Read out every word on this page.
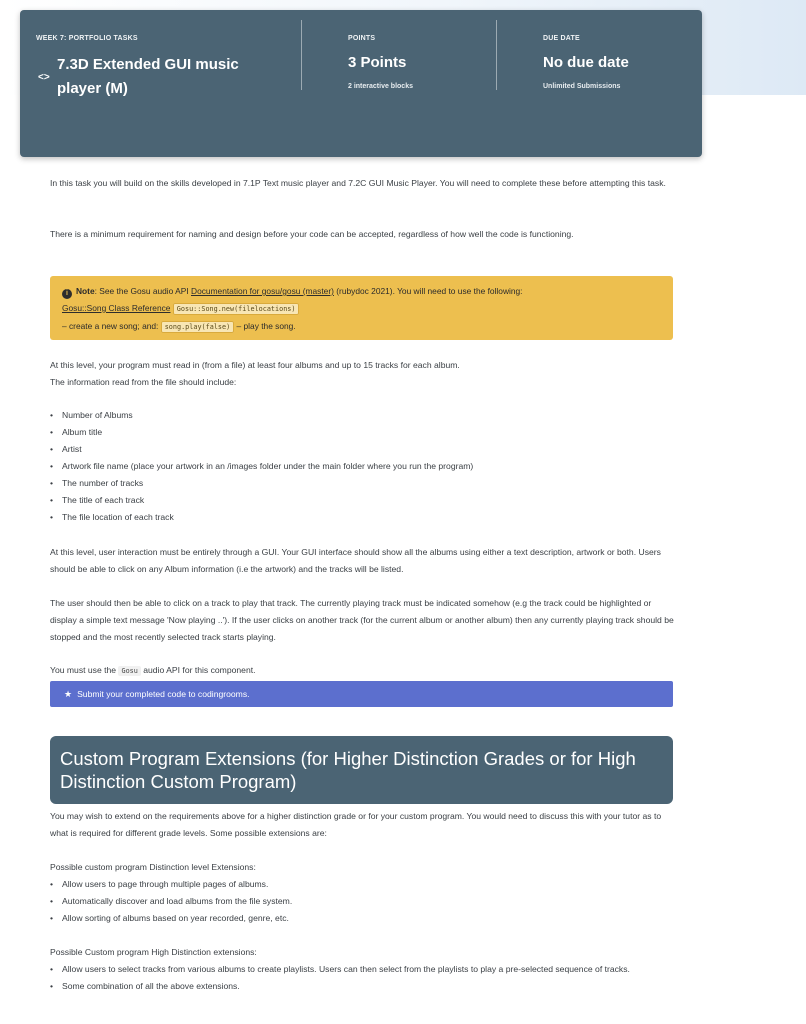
WEEK 7: PORTFOLIO TASKS
<>
7.3D Extended GUI music player (M)
POINTS
3 Points
2 interactive blocks
DUE DATE
No due date
Unlimited Submissions

In this task you will build on the skills developed in 7.1P Text music player and 7.2C GUI Music Player. You will need to complete these before attempting this task.

There is a minimum requirement for naming and design before your code can be accepted, regardless of how well the code is functioning.

i Note: See the Gosu audio API Documentation for gosu/gosu (master) (rubydoc 2021). You will need to use the following:
Gosu::Song Class Reference Gosu::Song.new(filelocations)
– create a new song; and: song.play(false) – play the song.

At this level, your program must read in (from a file) at least four albums and up to 15 tracks for each album.

The information read from the file should include:

• Number of Albums
• Album title
• Artist
• Artwork file name (place your artwork in an /images folder under the main folder where you run the program)
• The number of tracks
• The title of each track
• The file location of each track

At this level, user interaction must be entirely through a GUI. Your GUI interface should show all the albums using either a text description, artwork or both. Users should be able to click on any Album information (i.e the artwork) and the tracks will be listed.

The user should then be able to click on a track to play that track. The currently playing track must be indicated somehow (e.g the track could be highlighted or display a simple text message 'Now playing ..'). If the user clicks on another track (for the current album or another album) then any currently playing track should be stopped and the most recently selected track starts playing.

You must use the Gosu audio API for this component.

★ Submit your completed code to codingrooms.
Custom Program Extensions (for Higher Distinction Grades or for High Distinction Custom Program)

You may wish to extend on the requirements above for a higher distinction grade or for your custom program. You would need to discuss this with your tutor as to what is required for different grade levels. Some possible extensions are:

Possible custom program Distinction level Extensions:

• Allow users to page through multiple pages of albums.
• Automatically discover and load albums from the file system.
• Allow sorting of albums based on year recorded, genre, etc.

Possible Custom program High Distinction extensions:

• Allow users to select tracks from various albums to create playlists. Users can then select from the playlists to play a pre-selected sequence of tracks.
• Some combination of all the above extensions.
